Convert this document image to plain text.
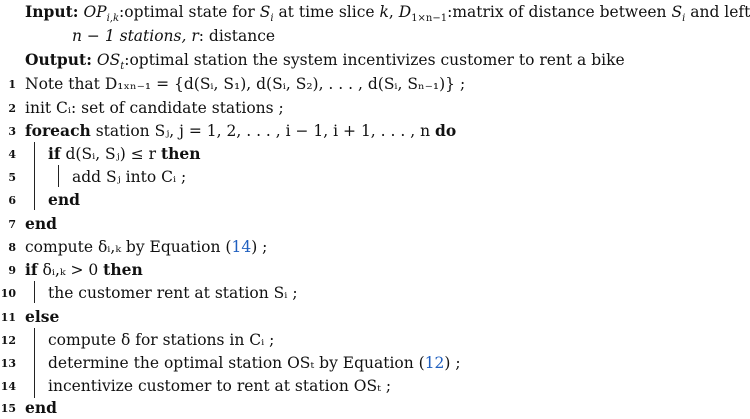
Input: $OP_{i,k}:optimal$ state for $S_i$ at time slice k, $D_{1\times n-1}:matrix$ of distance between $S_i$ and left
n − 1 stations, r: distance
Output: $OS_t:optimal$ station the system incentivizes customer to rent a bike
1 Note that D₁ₓₙ₋₁ = {d(Sᵢ, S₁), d(Sᵢ, S₂), . . . , d(Sᵢ, Sₙ₋₁)} ;
2 init Cᵢ: set of candidate stations ;
3 foreach station Sⱼ, j = 1, 2, . . . , i − 1, i + 1, . . . , n do
4 if d(Sᵢ, Sⱼ) ≤ r then
5	add Sⱼ into Cᵢ ;
6 end
7 end
8 compute δᵢ,ₖ by Equation (14) ;
9 if δᵢ,ₖ > 0 then
10 the customer rent at station Sᵢ ;
11 else
12 compute δ for stations in Cᵢ ;
13 determine the optimal station OSₜ by Equation (12) ;
14 incentivize customer to rent at station OSₜ ;
15 end
